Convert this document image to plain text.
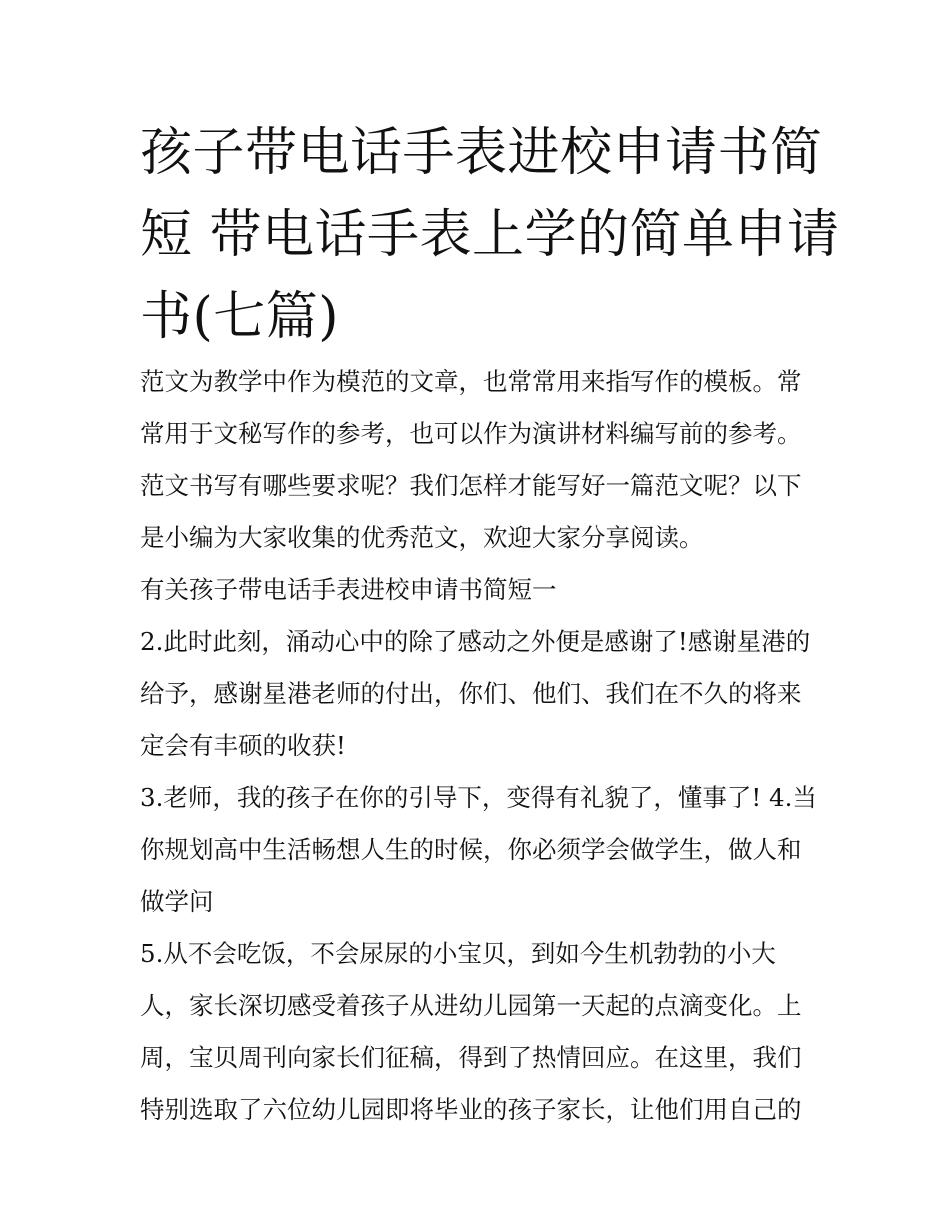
孩子带电话手表进校申请书简
短 带电话手表上学的简单申请
书(七篇)
范文为教学中作为模范的文章，也常常用来指写作的模板。常
常用于文秘写作的参考，也可以作为演讲材料编写前的参考。
范文书写有哪些要求呢？我们怎样才能写好一篇范文呢？以下
是小编为大家收集的优秀范文，欢迎大家分享阅读。
有关孩子带电话手表进校申请书简短一
2.此时此刻，涌动心中的除了感动之外便是感谢了!感谢星港的
给予，感谢星港老师的付出，你们、他们、我们在不久的将来
定会有丰硕的收获!
3.老师，我的孩子在你的引导下，变得有礼貌了，懂事了! 4.当
你规划高中生活畅想人生的时候，你必须学会做学生，做人和
做学问
5.从不会吃饭，不会尿尿的小宝贝，到如今生机勃勃的小大
人，家长深切感受着孩子从进幼儿园第一天起的点滴变化。上
周，宝贝周刊向家长们征稿，得到了热情回应。在这里，我们
特别选取了六位幼儿园即将毕业的孩子家长，让他们用自己的
